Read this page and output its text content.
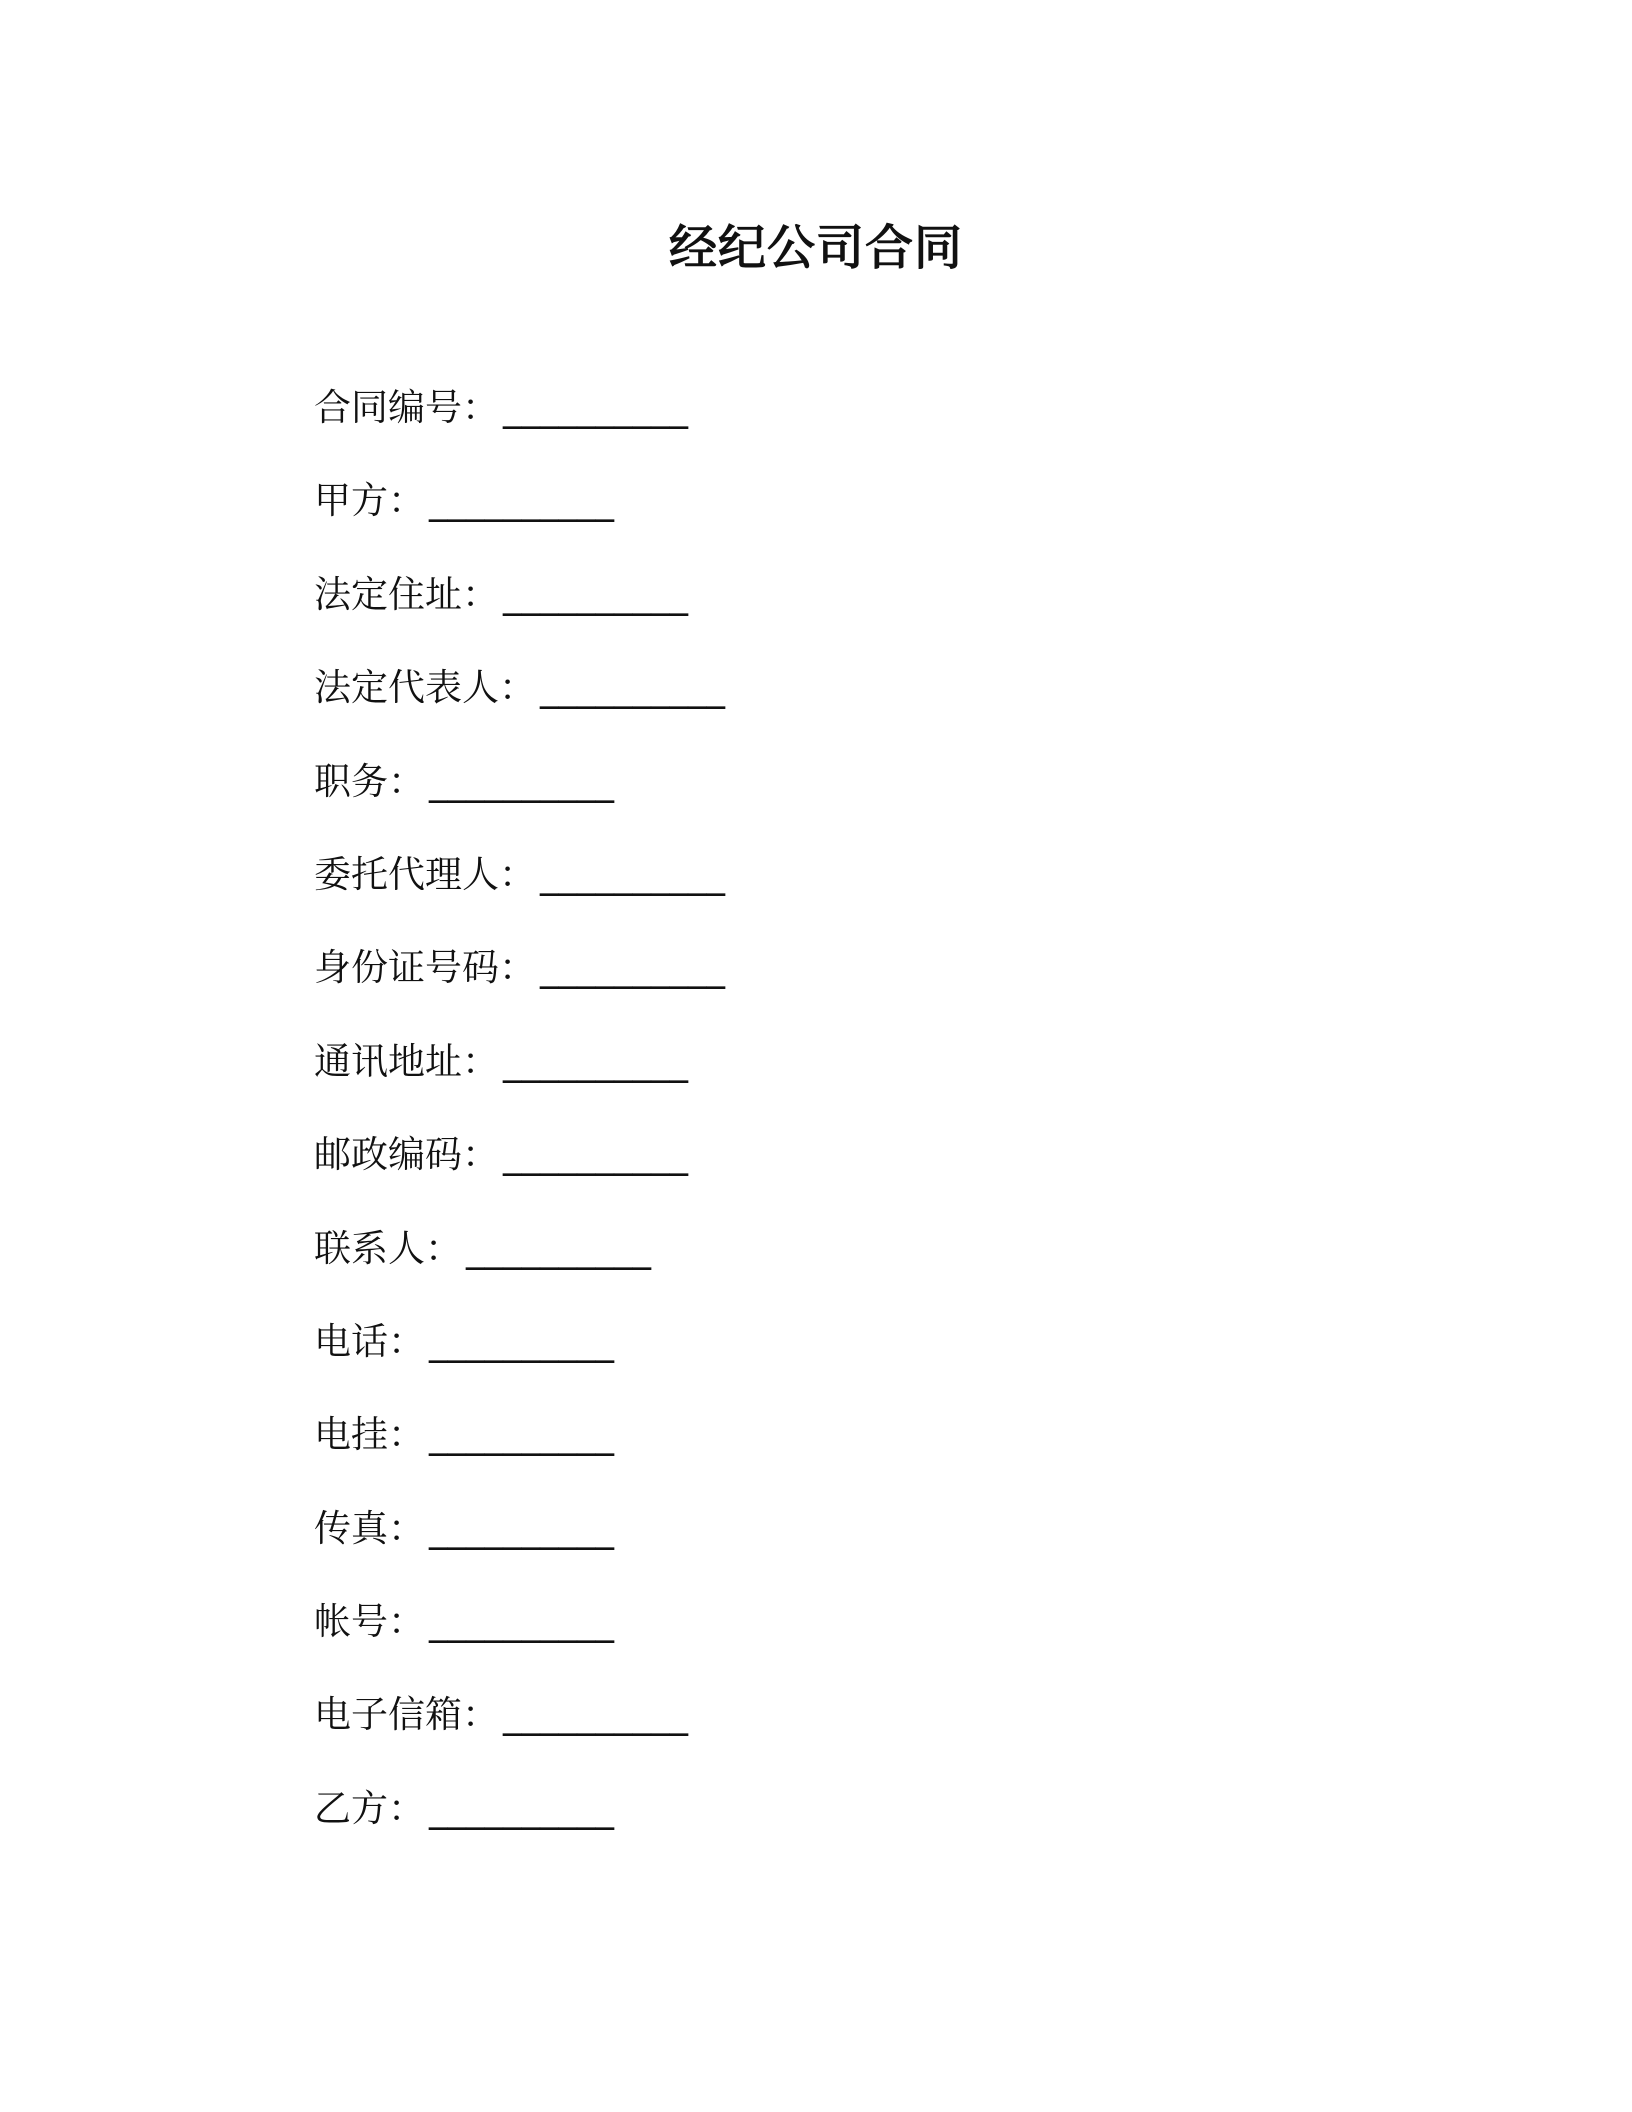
经纪公司合同
合同编号： __________
甲方： __________
法定住址： __________
法定代表人： __________
职务： __________
委托代理人： __________
身份证号码： __________
通讯地址： __________
邮政编码： __________
联系人： __________
电话： __________
电挂： __________
传真： __________
帐号： __________
电子信箱： __________
乙方： __________
